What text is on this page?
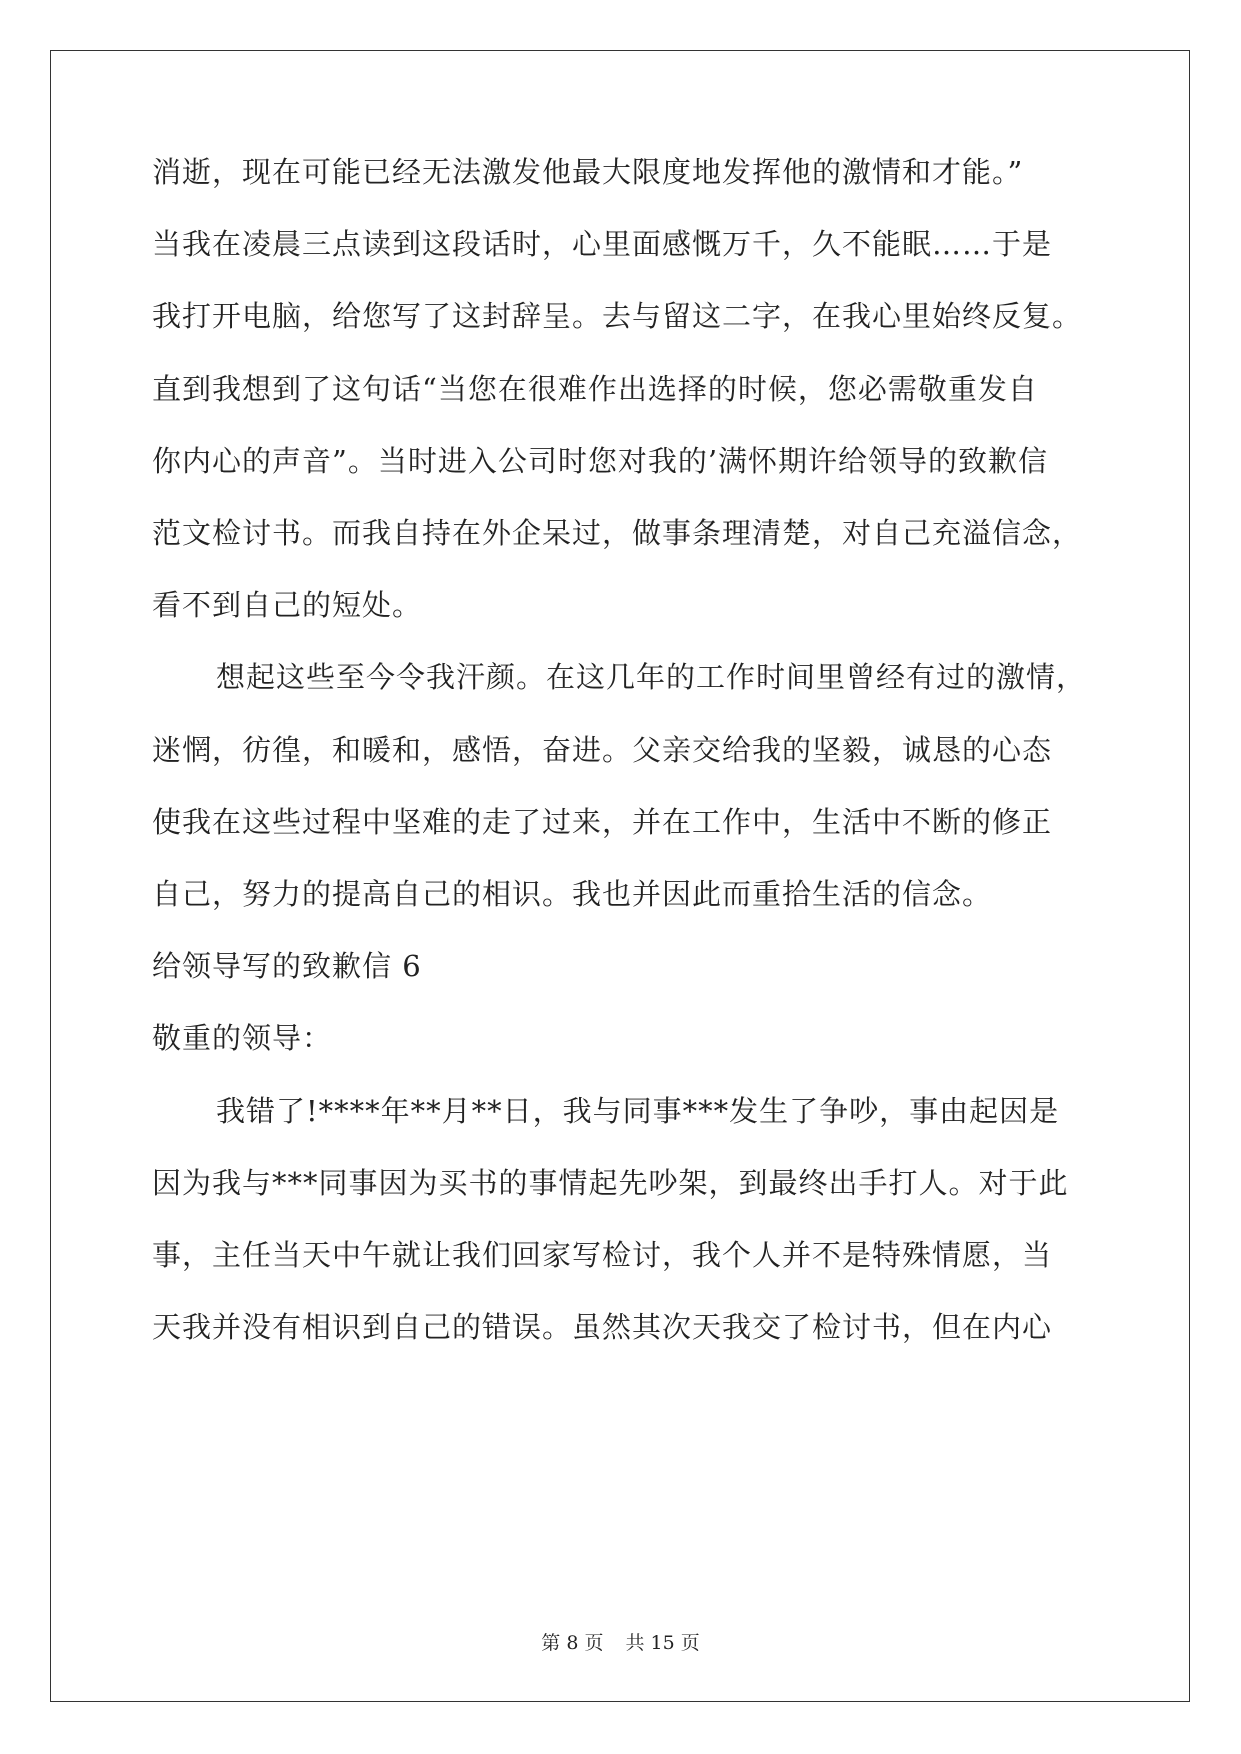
消逝，现在可能已经无法激发他最大限度地发挥他的激情和才能。”
当我在凌晨三点读到这段话时，心里面感慨万千，久不能眠……于是
我打开电脑，给您写了这封辞呈。去与留这二字，在我心里始终反复。
直到我想到了这句话“当您在很难作出选择的时候，您必需敬重发自
你内心的声音”。当时进入公司时您对我的’满怀期许给领导的致歉信
范文检讨书。而我自持在外企呆过，做事条理清楚，对自己充溢信念，
看不到自己的短处。
想起这些至今令我汗颜。在这几年的工作时间里曾经有过的激情，
迷惘，彷徨，和暖和，感悟，奋进。父亲交给我的坚毅，诚恳的心态
使我在这些过程中坚难的走了过来，并在工作中，生活中不断的修正
自己，努力的提高自己的相识。我也并因此而重拾生活的信念。
给领导写的致歉信 6
敬重的领导：
我错了!****年**月**日，我与同事***发生了争吵，事由起因是
因为我与***同事因为买书的事情起先吵架，到最终出手打人。对于此
事，主任当天中午就让我们回家写检讨，我个人并不是特殊情愿，当
天我并没有相识到自己的错误。虽然其次天我交了检讨书，但在内心
第 8 页 共 15 页
